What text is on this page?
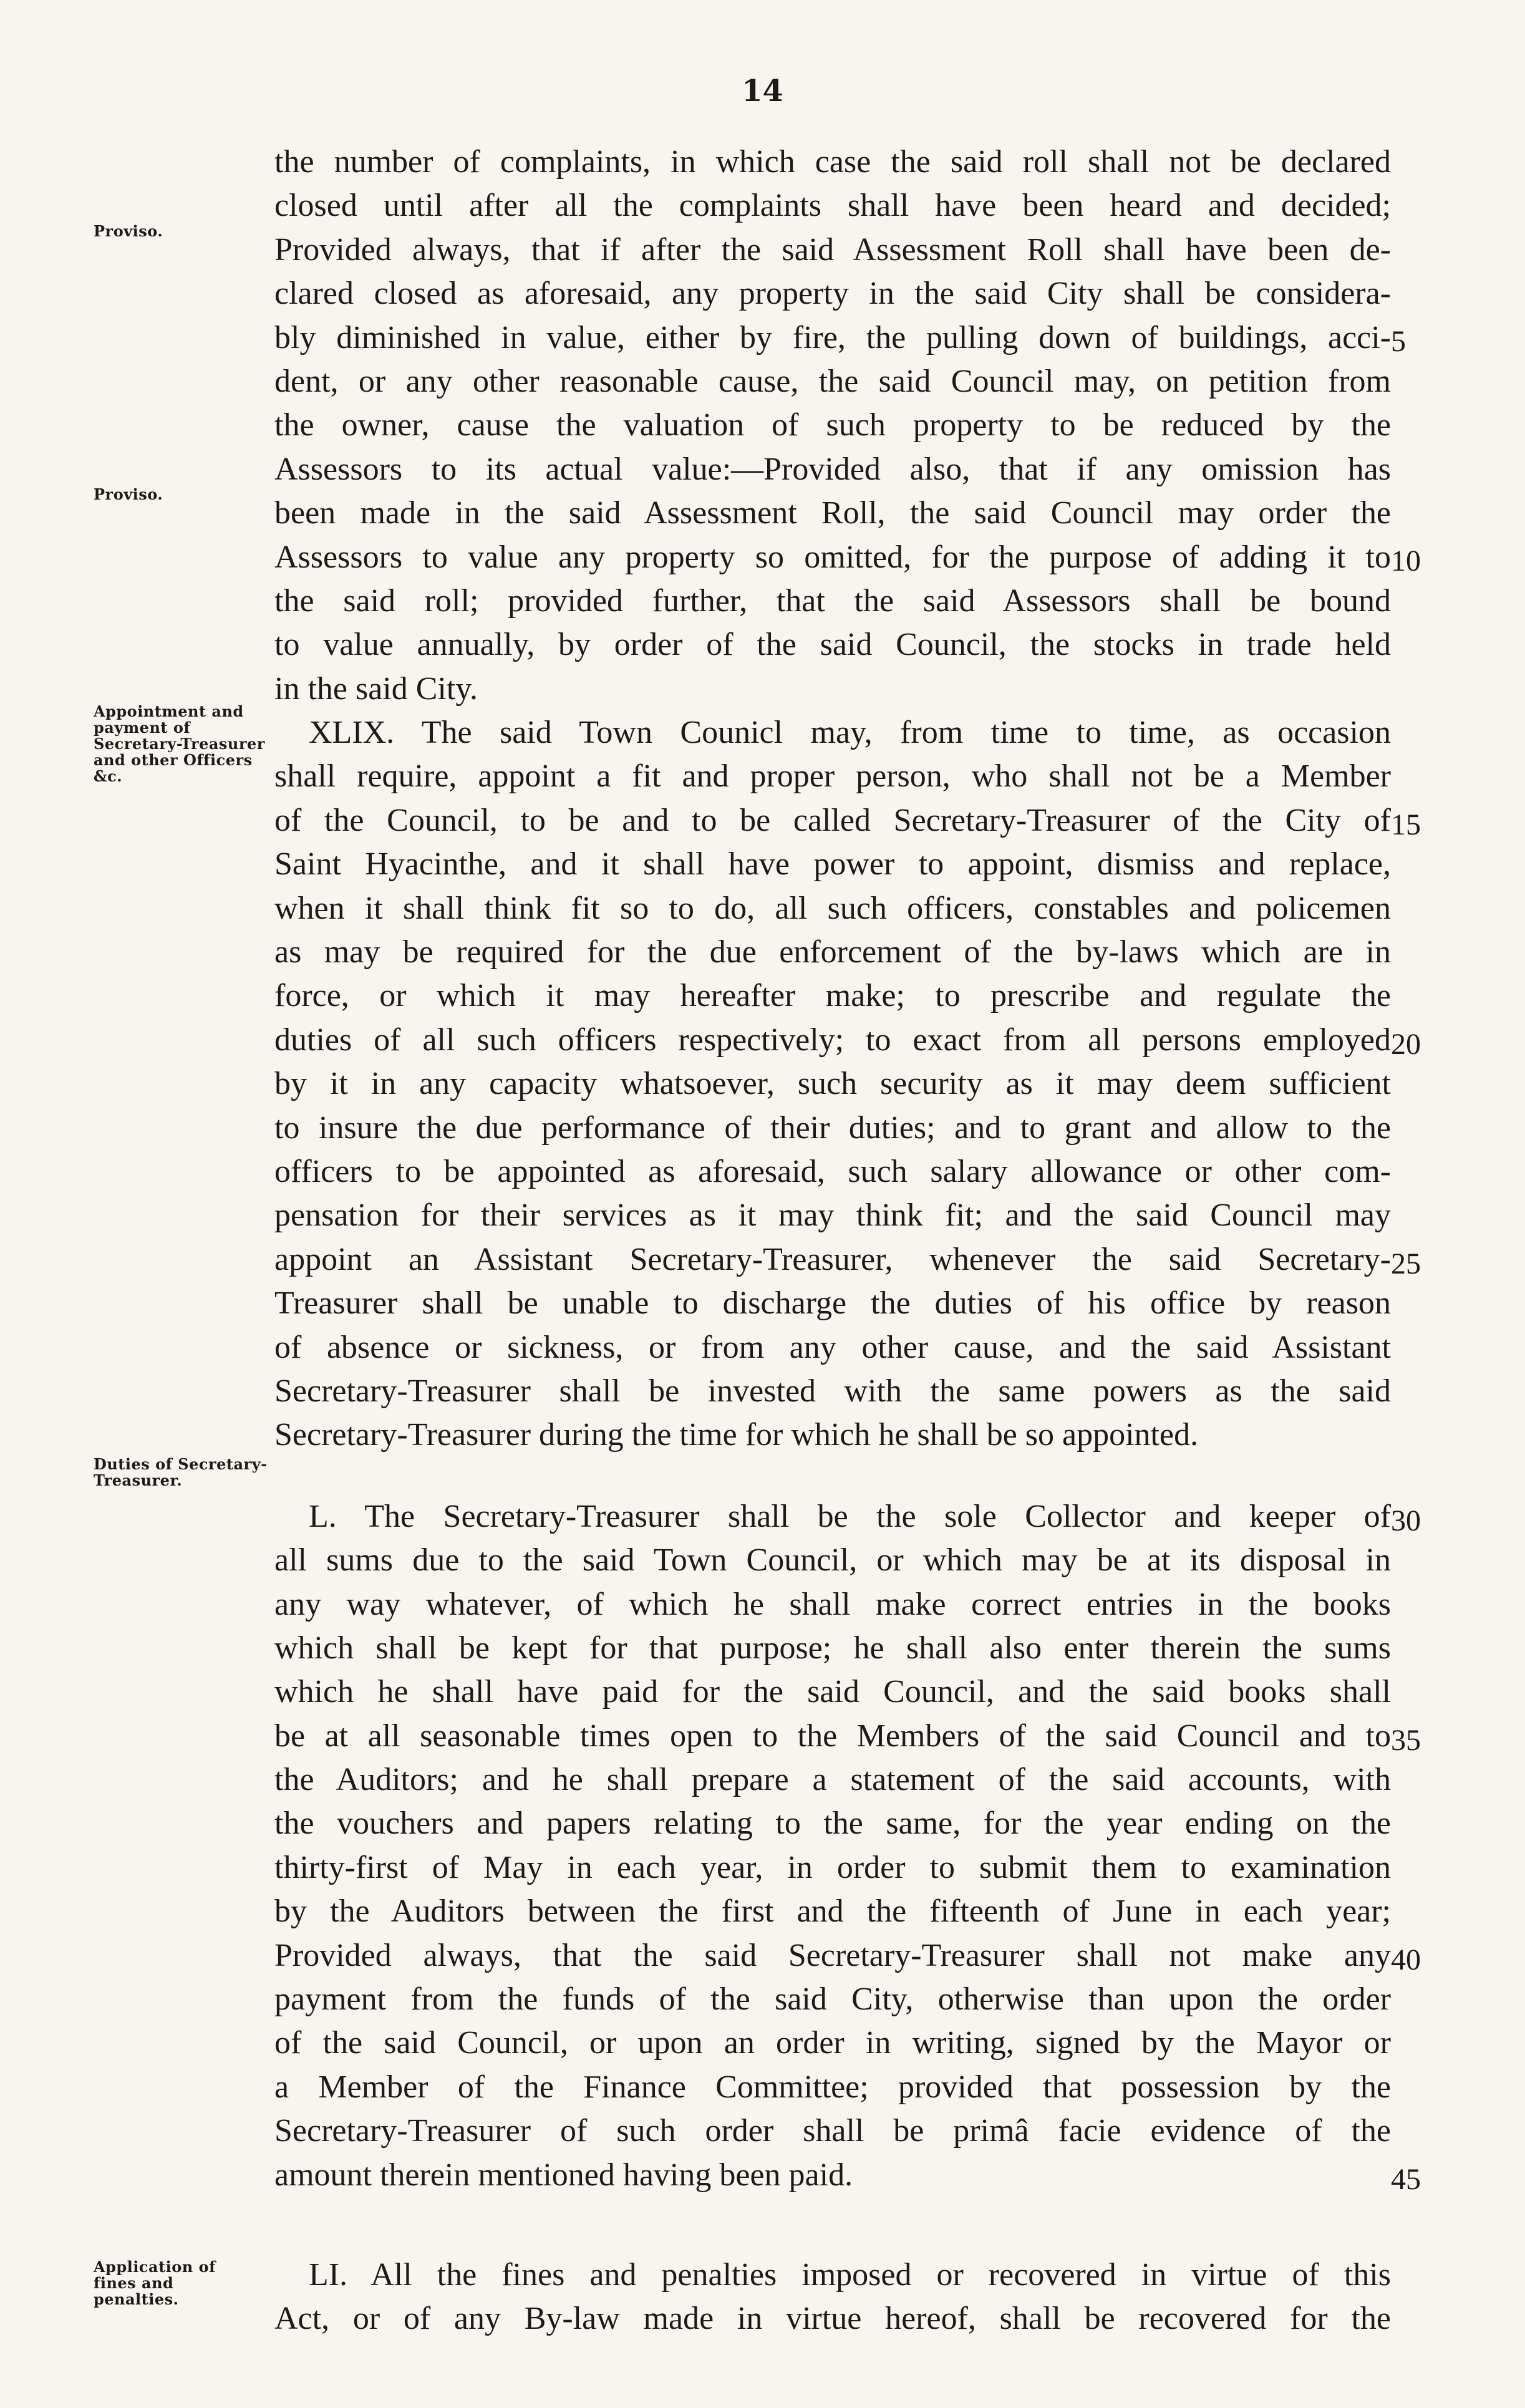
14
Proviso.
Proviso.
Appointment and payment of Secretary-Treasurer and other Officers &c.
Duties of Secretary-Treasurer.
Application of fines and penalties.
the number of complaints, in which case the said roll shall not be declared
closed until after all the complaints shall have been heard and decided;
Provided always, that if after the said Assessment Roll shall have been de-
clared closed as aforesaid, any property in the said City shall be considera-
bly diminished in value, either by fire, the pulling down of buildings, acci-
dent, or any other reasonable cause, the said Council may, on petition from
the owner, cause the valuation of such property to be reduced by the
Assessors to its actual value:—Provided also, that if any omission has
been made in the said Assessment Roll, the said Council may order the
Assessors to value any property so omitted, for the purpose of adding it to
the said roll; provided further, that the said Assessors shall be bound
to value annually, by order of the said Council, the stocks in trade held
in the said City.
XLIX. The said Town Counicl may, from time to time, as occasion
shall require, appoint a fit and proper person, who shall not be a Member
of the Council, to be and to be called Secretary-Treasurer of the City of
Saint Hyacinthe, and it shall have power to appoint, dismiss and replace,
when it shall think fit so to do, all such officers, constables and policemen
as may be required for the due enforcement of the by-laws which are in
force, or which it may hereafter make; to prescribe and regulate the
duties of all such officers respectively; to exact from all persons employed
by it in any capacity whatsoever, such security as it may deem sufficient
to insure the due performance of their duties; and to grant and allow to the
officers to be appointed as aforesaid, such salary allowance or other com-
pensation for their services as it may think fit; and the said Council may
appoint an Assistant Secretary-Treasurer, whenever the said Secretary-
Treasurer shall be unable to discharge the duties of his office by reason
of absence or sickness, or from any other cause, and the said Assistant
Secretary-Treasurer shall be invested with the same powers as the said
Secretary-Treasurer during the time for which he shall be so appointed.
L. The Secretary-Treasurer shall be the sole Collector and keeper of
all sums due to the said Town Council, or which may be at its disposal in
any way whatever, of which he shall make correct entries in the books
which shall be kept for that purpose; he shall also enter therein the sums
which he shall have paid for the said Council, and the said books shall
be at all seasonable times open to the Members of the said Council and to
the Auditors; and he shall prepare a statement of the said accounts, with
the vouchers and papers relating to the same, for the year ending on the
thirty-first of May in each year, in order to submit them to examination
by the Auditors between the first and the fifteenth of June in each year;
Provided always, that the said Secretary-Treasurer shall not make any
payment from the funds of the said City, otherwise than upon the order
of the said Council, or upon an order in writing, signed by the Mayor or
a Member of the Finance Committee; provided that possession by the
Secretary-Treasurer of such order shall be primâ facie evidence of the
amount therein mentioned having been paid.
LI. All the fines and penalties imposed or recovered in virtue of this
Act, or of any By-law made in virtue hereof, shall be recovered for the
5
10
15
20
25
30
35
40
45
